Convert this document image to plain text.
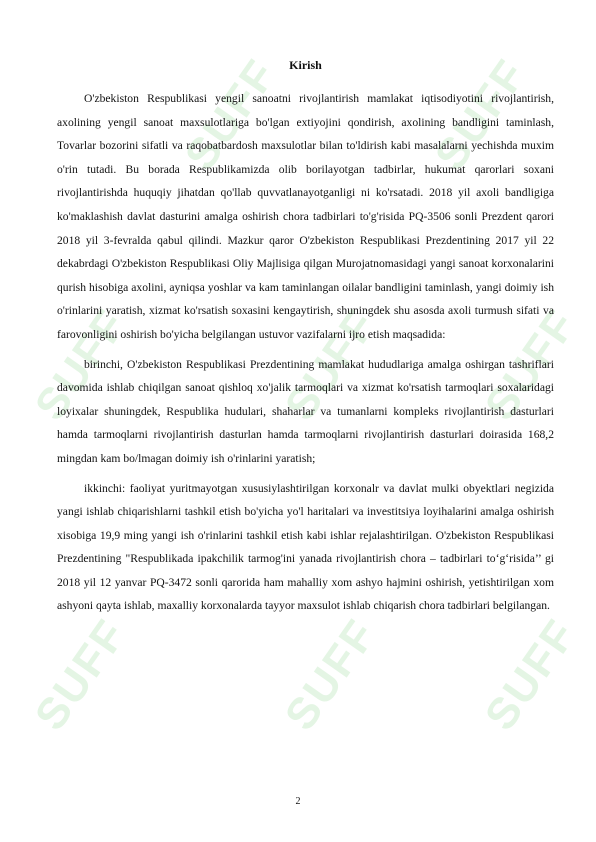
SUFF	SUFF
SUFF	SUFF SUFF
SUFF	SUFF SUFF
Kirish

O'zbekiston Respublikasi yengil sanoatni rivojlantirish mamlakat iqtisodiyotini rivojlantirish, axolining yengil sanoat maxsulotlariga bo'lgan extiyojini qondirish, axolining bandligini taminlash, Tovarlar bozorini sifatli va raqobatbardosh maxsulotlar bilan to'ldirish kabi masalalarni yechishda muxim o'rin tutadi. Bu borada Respublikamizda olib borilayotgan tadbirlar, hukumat qarorlari soxani rivojlantirishda huquqiy jihatdan qo'llab quvvatlanayotganligi ni ko'rsatadi. 2018 yil axoli bandligiga ko'maklashish davlat dasturini amalga oshirish chora tadbirlari to'g'risida PQ-3506 sonli Prezdent qarori 2018 yil 3-fevralda qabul qilindi. Mazkur qaror O'zbekiston Respublikasi Prezdentining 2017 yil 22 dekabrdagi O'zbekiston Respublikasi Oliy Majlisiga qilgan Murojatnomasidagi yangi sanoat korxonalarini qurish hisobiga axolini, ayniqsa yoshlar va kam taminlangan oilalar bandligini taminlash, yangi doimiy ish o'rinlarini yaratish, xizmat ko'rsatish soxasini kengaytirish, shuningdek shu asosda axoli turmush sifati va farovonligini oshirish bo'yicha belgilangan ustuvor vazifalarni ijro etish maqsadida:

birinchi, O'zbekiston Respublikasi Prezdentining mamlakat hududlariga amalga oshirgan tashriflari davomida ishlab chiqilgan sanoat qishloq xo'jalik tarmoqlari va xizmat ko'rsatish tarmoqlari soxalaridagi loyixalar shuningdek, Respublika hudulari, shaharlar va tumanlarni kompleks rivojlantirish dasturlari hamda tarmoqlarni rivojlantirish dasturlan hamda tarmoqlarni rivojlantirish dasturlari doirasida 168,2 mingdan kam bo/lmagan doimiy ish o'rinlarini yaratish;

ikkinchi: faoliyat yuritmayotgan xususiylashtirilgan korxonalr va davlat mulki obyektlari negizida yangi ishlab chiqarishlarni tashkil etish bo'yicha yo'l haritalari va investitsiya loyihalarini amalga oshirish xisobiga 19,9 ming yangi ish o'rinlarini tashkil etish kabi ishlar rejalashtirilgan. O'zbekiston Respublikasi Prezdentining "Respublikada ipakchilik tarmog'ini yanada rivojlantirish chora – tadbirlari to‘g‘risida’’ gi 2018 yil 12 yanvar PQ-3472 sonli qarorida ham mahalliy xom ashyo hajmini oshirish, yetishtirilgan xom ashyoni qayta ishlab, maxalliy korxonalarda tayyor maxsulot ishlab chiqarish chora tadbirlari belgilangan.

2
